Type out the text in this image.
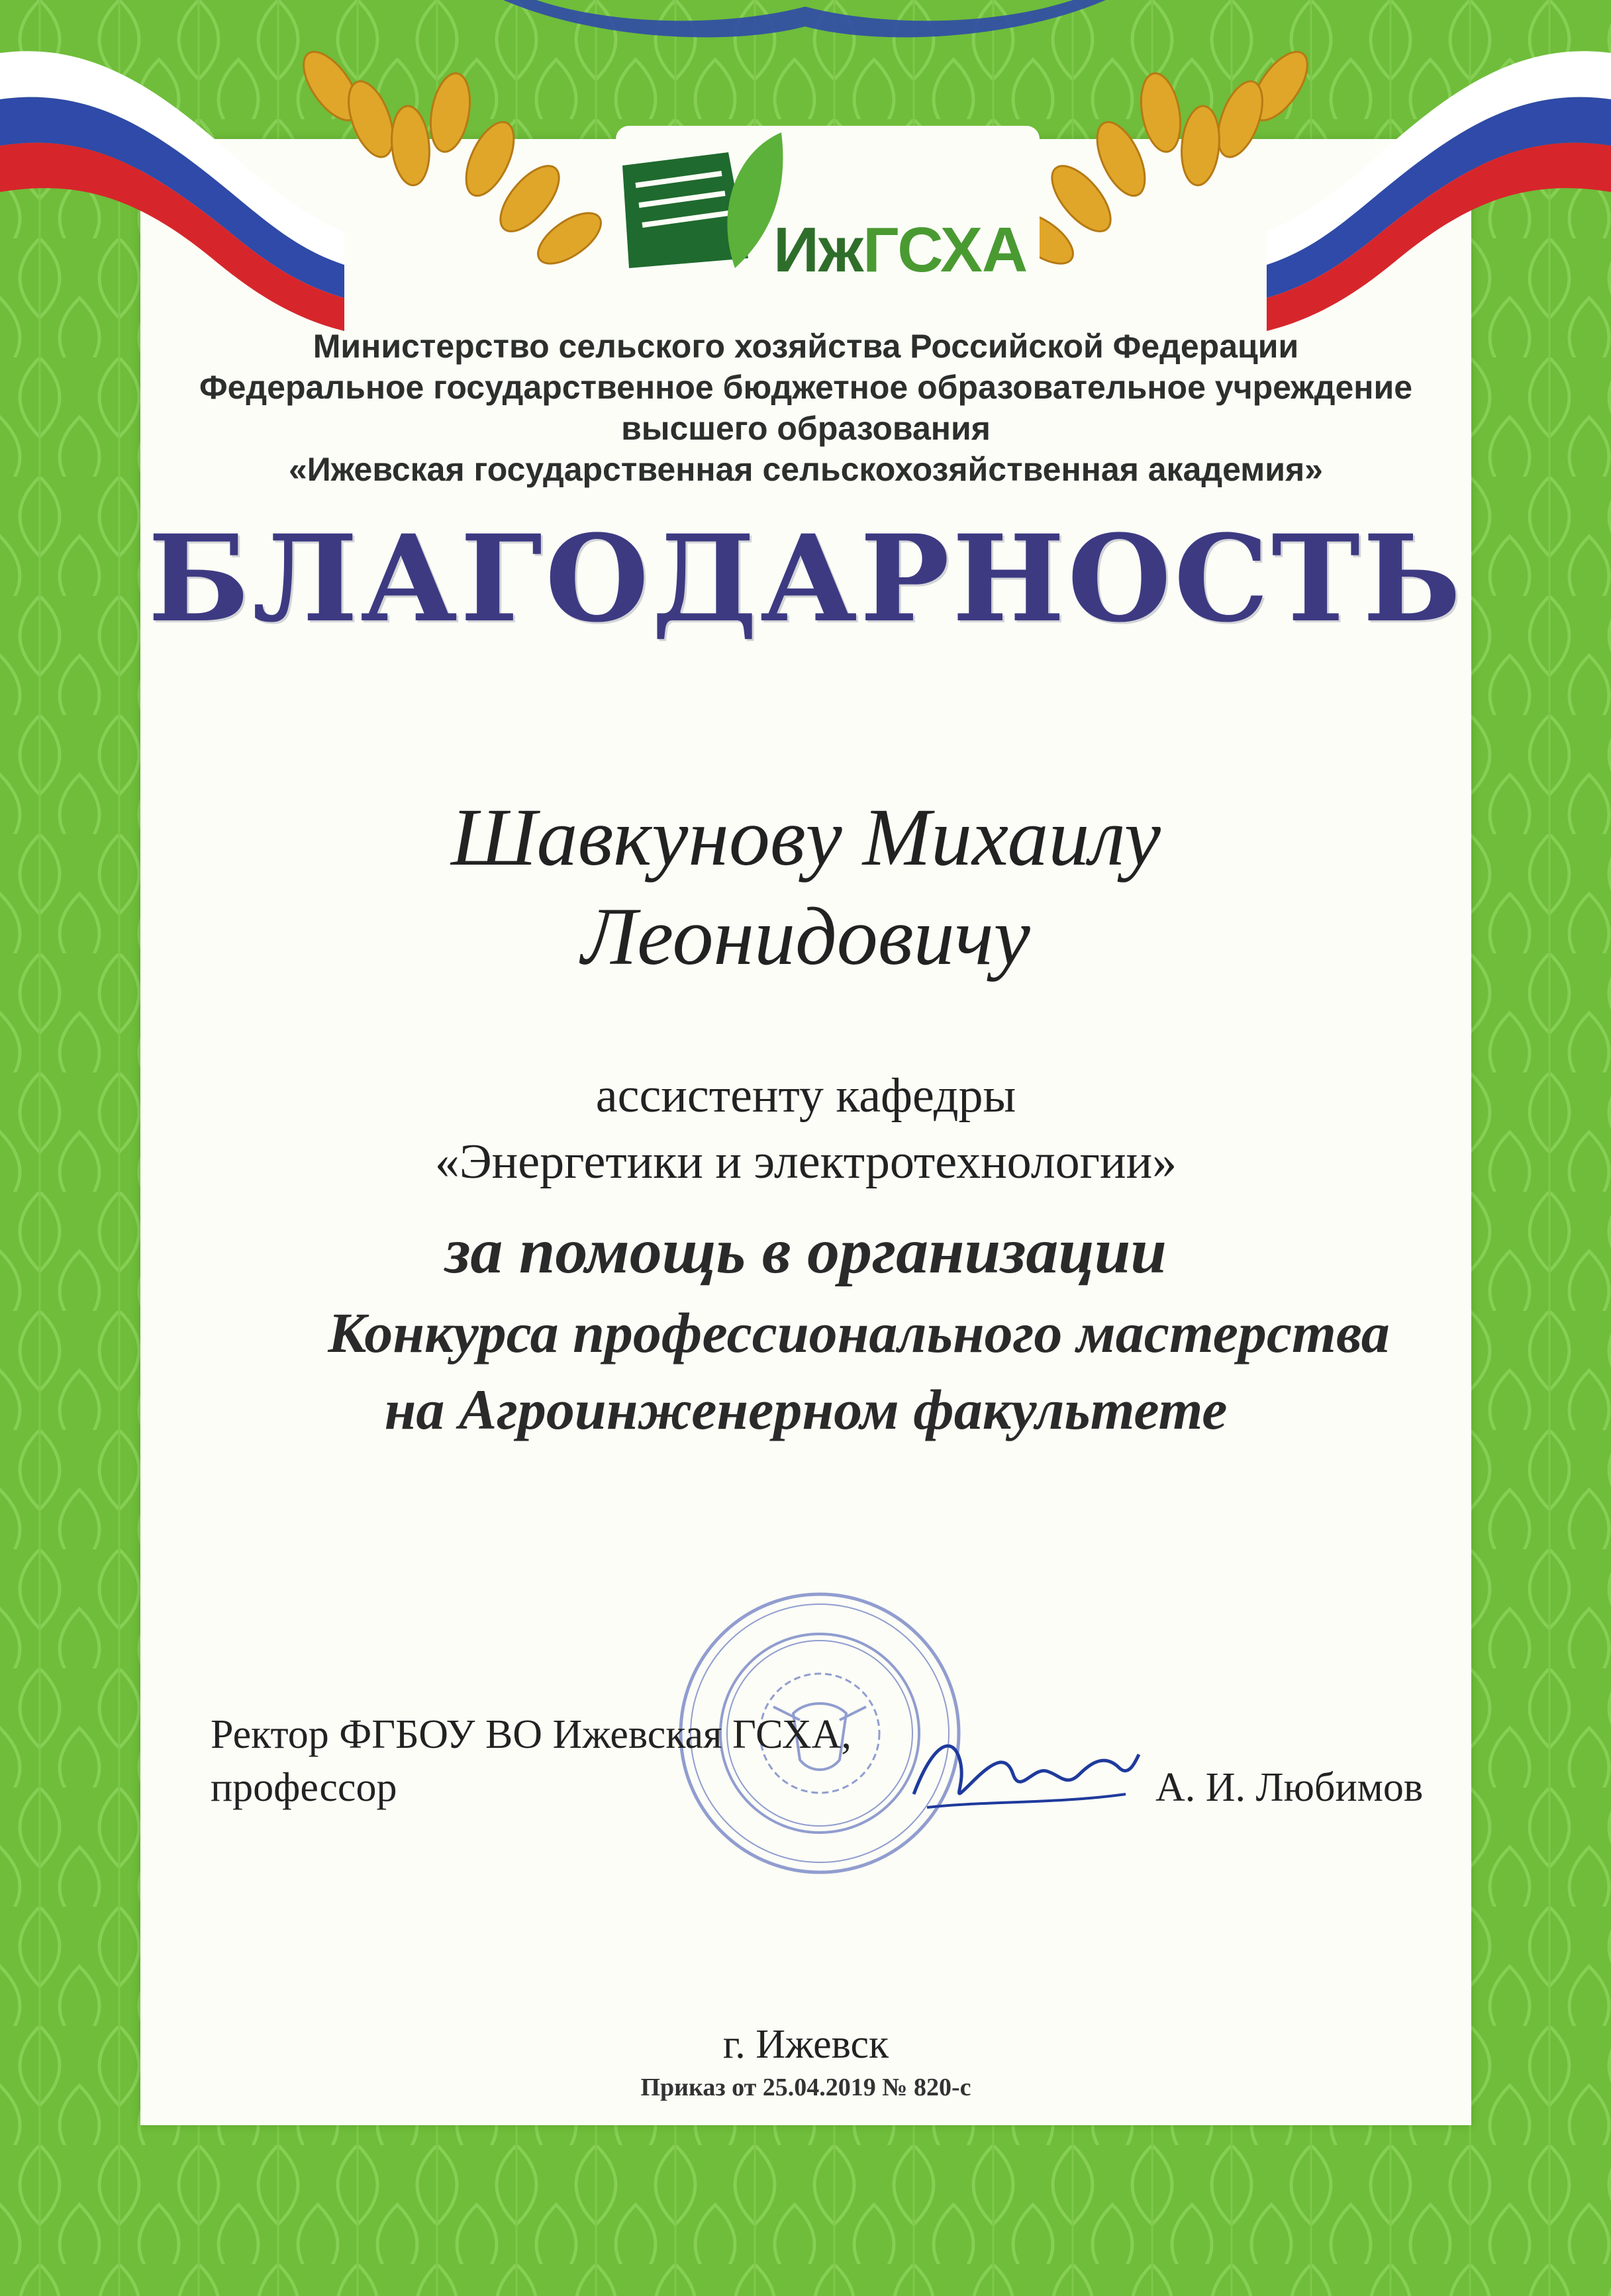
ИжГСХА
Министерство сельского хозяйства Российской Федерации
Федеральное государственное бюджетное образовательное учреждение
высшего образования
«Ижевская государственная сельскохозяйственная академия»
БЛАГОДАРНОСТЬ
Шавкунову Михаилу
Леонидовичу
ассистенту кафедры
«Энергетики и электротехнологии»
за помощь в организации
Конкурса профессионального мастерства
на Агроинженерном факультете
Ректор ФГБОУ ВО Ижевская ГСХА,
профессор	А. И. Любимов
г. Ижевск
Приказ от 25.04.2019 № 820-с
